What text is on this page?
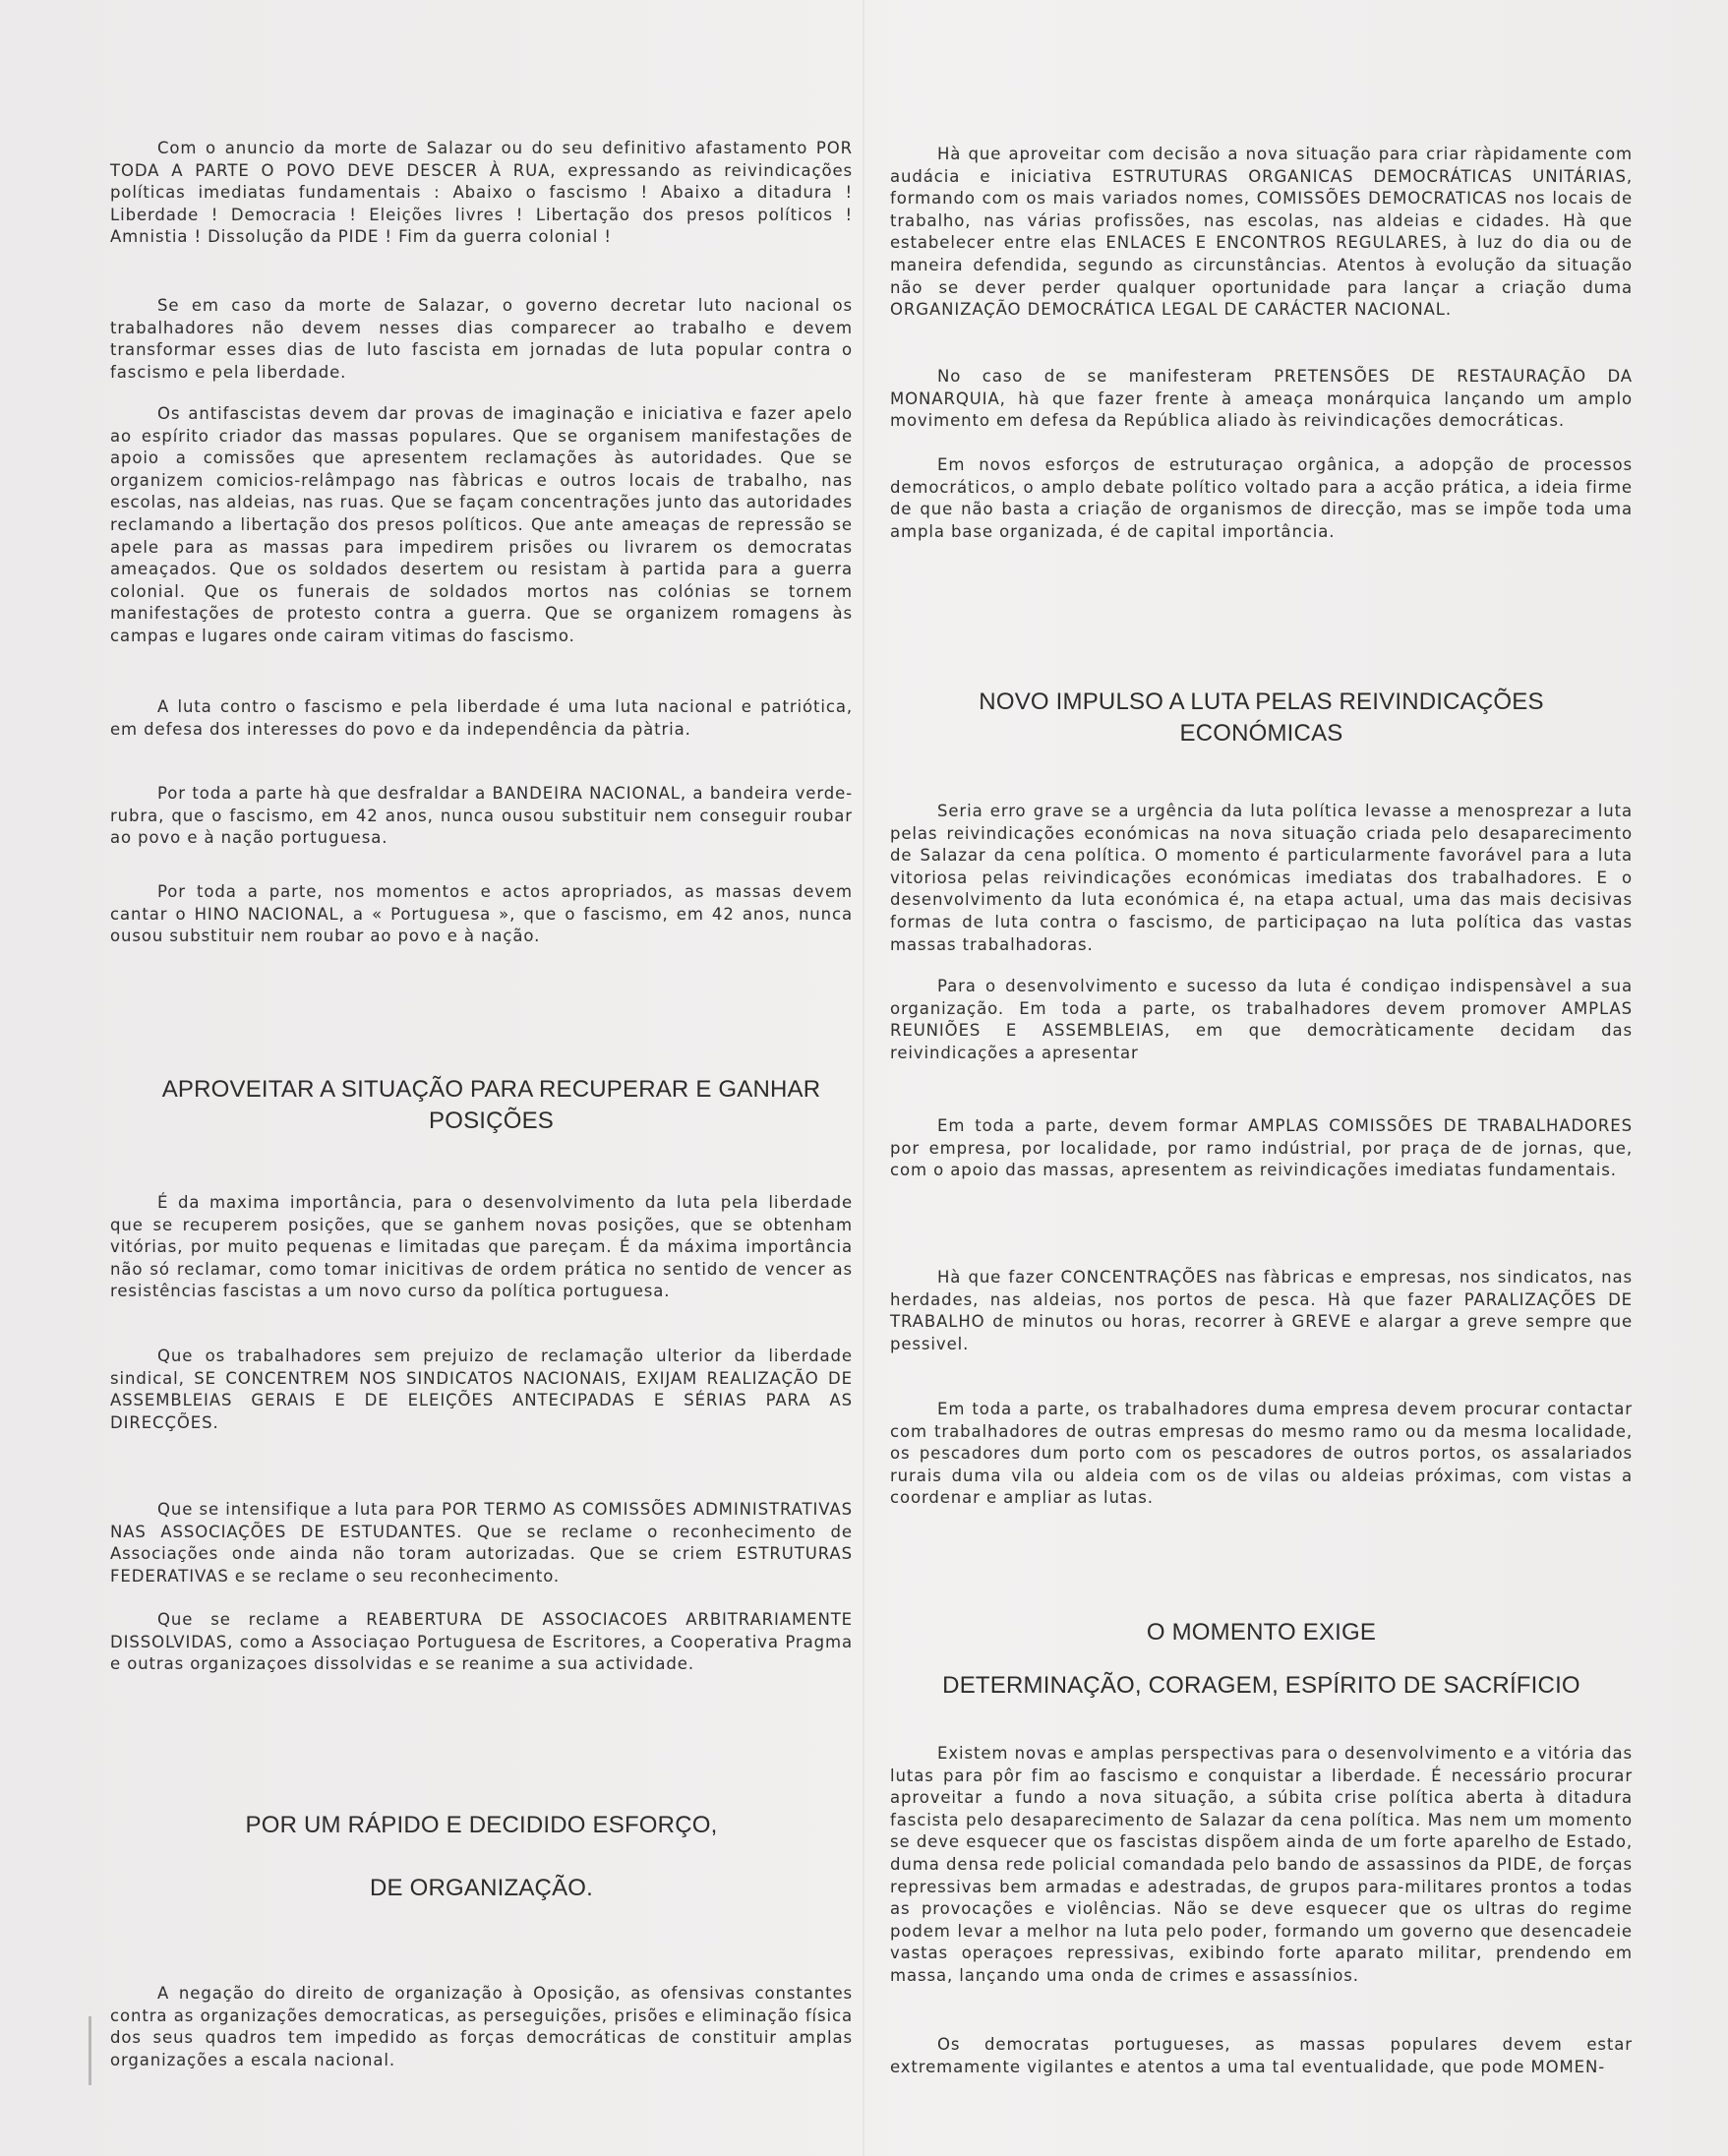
Com o anuncio da morte de Salazar ou do seu definitivo afastamento POR TODA A PARTE O POVO DEVE DESCER À RUA, expressando as reivindicações políticas imediatas fundamentais : Abaixo o fascismo ! Abaixo a ditadura ! Liberdade ! Democracia ! Eleições livres ! Libertação dos presos políticos ! Amnistia ! Dissolução da PIDE ! Fim da guerra colonial !

Se em caso da morte de Salazar, o governo decretar luto nacional os trabalhadores não devem nesses dias comparecer ao trabalho e devem transformar esses dias de luto fascista em jornadas de luta popular contra o fascismo e pela liberdade.

Os antifascistas devem dar provas de imaginação e iniciativa e fazer apelo ao espírito criador das massas populares. Que se organisem manifestações de apoio a comissões que apresentem reclamações às autoridades. Que se organizem comicios-relâmpago nas fàbricas e outros locais de trabalho, nas escolas, nas aldeias, nas ruas. Que se façam concentrações junto das autoridades reclamando a libertação dos presos políticos. Que ante ameaças de repressão se apele para as massas para impedirem prisões ou livrarem os democratas ameaçados. Que os soldados desertem ou resistam à partida para a guerra colonial. Que os funerais de soldados mortos nas colónias se tornem manifestações de protesto contra a guerra. Que se organizem romagens às campas e lugares onde cairam vitimas do fascismo.

A luta contro o fascismo e pela liberdade é uma luta nacional e patriótica, em defesa dos interesses do povo e da independência da pàtria.

Por toda a parte hà que desfraldar a BANDEIRA NACIONAL, a bandeira verde-rubra, que o fascismo, em 42 anos, nunca ousou substituir nem conseguir roubar ao povo e à nação portuguesa.

Por toda a parte, nos momentos e actos apropriados, as massas devem cantar o HINO NACIONAL, a « Portuguesa », que o fascismo, em 42 anos, nunca ousou substituir nem roubar ao povo e à nação.

APROVEITAR A SITUAÇÃO PARA RECUPERAR E GANHAR POSIÇÕES

É da maxima importância, para o desenvolvimento da luta pela liberdade que se recuperem posições, que se ganhem novas posições, que se obtenham vitórias, por muito pequenas e limitadas que pareçam. É da máxima importância não só reclamar, como tomar inicitivas de ordem prática no sentido de vencer as resistências fascistas a um novo curso da política portuguesa.

Que os trabalhadores sem prejuizo de reclamação ulterior da liberdade sindical, SE CONCENTREM NOS SINDICATOS NACIONAIS, EXIJAM REALIZAÇÃO DE ASSEMBLEIAS GERAIS E DE ELEIÇÕES ANTECIPADAS E SÉRIAS PARA AS DIRECÇÕES.

Que se intensifique a luta para POR TERMO AS COMISSÕES ADMINISTRATIVAS NAS ASSOCIAÇÕES DE ESTUDANTES. Que se reclame o reconhecimento de Associações onde ainda não toram autorizadas. Que se criem ESTRUTURAS FEDERATIVAS e se reclame o seu reconhecimento.

Que se reclame a REABERTURA DE ASSOCIACOES ARBITRARIAMENTE DISSOLVIDAS, como a Associaçao Portuguesa de Escritores, a Cooperativa Pragma e outras organizaçoes dissolvidas e se reanime a sua actividade.

POR UM RÁPIDO E DECIDIDO ESFORÇO,
DE ORGANIZAÇÃO.

A negação do direito de organização à Oposição, as ofensivas constantes contra as organizações democraticas, as perseguições, prisões e eliminação física dos seus quadros tem impedido as forças democráticas de constituir amplas organizações a escala nacional.

Hà que aproveitar com decisão a nova situação para criar ràpidamente com audácia e iniciativa ESTRUTURAS ORGANICAS DEMOCRÁTICAS UNITÁRIAS, formando com os mais variados nomes, COMISSÕES DEMOCRATICAS nos locais de trabalho, nas várias profissões, nas escolas, nas aldeias e cidades. Hà que estabelecer entre elas ENLACES E ENCONTROS REGULARES, à luz do dia ou de maneira defendida, segundo as circunstâncias. Atentos à evolução da situação não se dever perder qualquer oportunidade para lançar a criação duma ORGANIZAÇÃO DEMOCRÁTICA LEGAL DE CARÁCTER NACIONAL.

No caso de se manifesteram PRETENSÕES DE RESTAURAÇÃO DA MONARQUIA, hà que fazer frente à ameaça monárquica lançando um amplo movimento em defesa da República aliado às reivindicações democráticas.

Em novos esforços de estruturaçao orgânica, a adopção de processos democráticos, o amplo debate político voltado para a acção prática, a ideia firme de que não basta a criação de organismos de direcção, mas se impõe toda uma ampla base organizada, é de capital importância.

NOVO IMPULSO A LUTA PELAS REIVINDICAÇÕES
ECONÓMICAS

Seria erro grave se a urgência da luta política levasse a menosprezar a luta pelas reivindicações económicas na nova situação criada pelo desaparecimento de Salazar da cena política. O momento é particularmente favorável para a luta vitoriosa pelas reivindicações económicas imediatas dos trabalhadores. E o desenvolvimento da luta económica é, na etapa actual, uma das mais decisivas formas de luta contra o fascismo, de participaçao na luta política das vastas massas trabalhadoras.

Para o desenvolvimento e sucesso da luta é condiçao indispensàvel a sua organização. Em toda a parte, os trabalhadores devem promover AMPLAS REUNIÕES E ASSEMBLEIAS, em que democràticamente decidam das reivindicações a apresentar

Em toda a parte, devem formar AMPLAS COMISSÕES DE TRABALHADORES por empresa, por localidade, por ramo indústrial, por praça de de jornas, que, com o apoio das massas, apresentem as reivindicações imediatas fundamentais.

Hà que fazer CONCENTRAÇÕES nas fàbricas e empresas, nos sindicatos, nas herdades, nas aldeias, nos portos de pesca. Hà que fazer PARALIZAÇÕES DE TRABALHO de minutos ou horas, recorrer à GREVE e alargar a greve sempre que pessivel.

Em toda a parte, os trabalhadores duma empresa devem procurar contactar com trabalhadores de outras empresas do mesmo ramo ou da mesma localidade, os pescadores dum porto com os pescadores de outros portos, os assalariados rurais duma vila ou aldeia com os de vilas ou aldeias próximas, com vistas a coordenar e ampliar as lutas.

O MOMENTO EXIGE
DETERMINAÇÃO, CORAGEM, ESPÍRITO DE SACRÍFICIO

Existem novas e amplas perspectivas para o desenvolvimento e a vitória das lutas para pôr fim ao fascismo e conquistar a liberdade. É necessário procurar aproveitar a fundo a nova situação, a súbita crise política aberta à ditadura fascista pelo desaparecimento de Salazar da cena política. Mas nem um momento se deve esquecer que os fascistas dispõem ainda de um forte aparelho de Estado, duma densa rede policial comandada pelo bando de assassinos da PIDE, de forças repressivas bem armadas e adestradas, de grupos para-militares prontos a todas as provocações e violências. Não se deve esquecer que os ultras do regime podem levar a melhor na luta pelo poder, formando um governo que desencadeie vastas operaçoes repressivas, exibindo forte aparato militar, prendendo em massa, lançando uma onda de crimes e assassínios.

Os democratas portugueses, as massas populares devem estar extremamente vigilantes e atentos a uma tal eventualidade, que pode MOMEN-
